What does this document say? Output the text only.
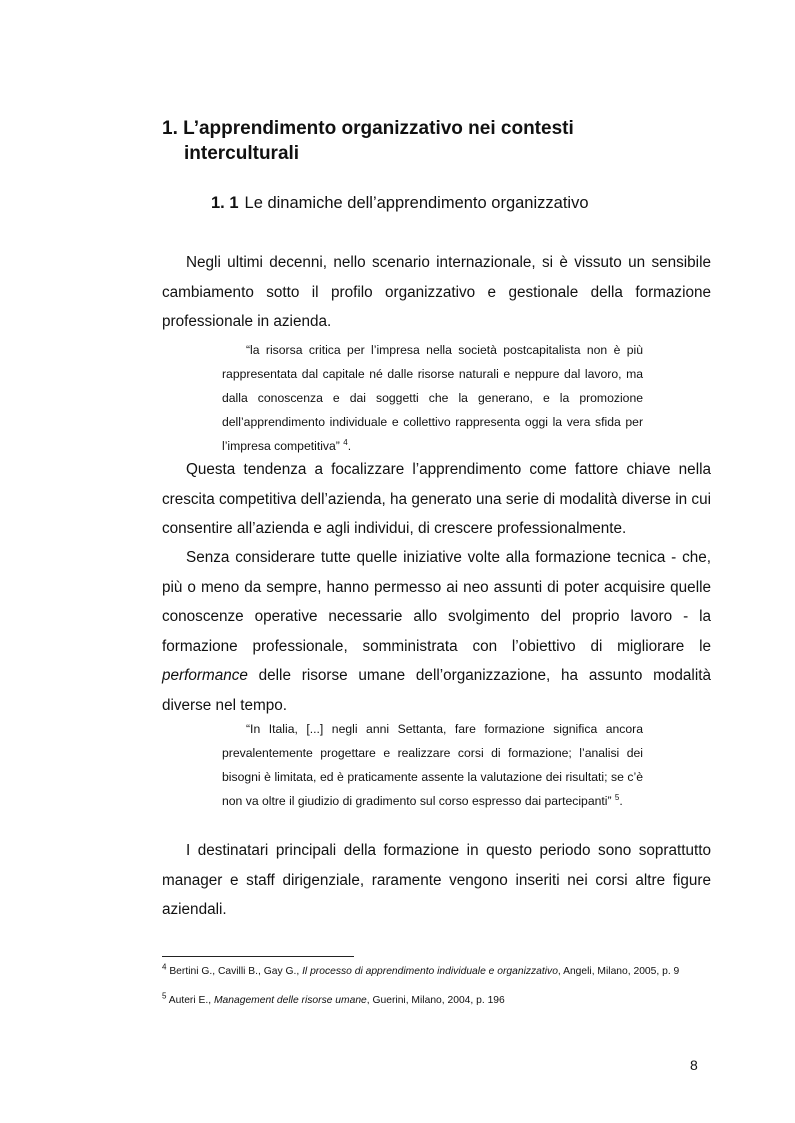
1. L’apprendimento organizzativo nei contesti
interculturali
1. 1 Le dinamiche dell’apprendimento organizzativo

Negli ultimi decenni, nello scenario internazionale, si è vissuto un sensibile cambiamento sotto il profilo organizzativo e gestionale della formazione professionale in azienda.

“la risorsa critica per l’impresa nella società postcapitalista non è più rappresentata dal capitale né dalle risorse naturali e neppure dal lavoro, ma dalla conoscenza e dai soggetti che la generano, e la promozione dell’apprendimento individuale e collettivo rappresenta oggi la vera sfida per l’impresa competitiva” $^4$.

Questa tendenza a focalizzare l’apprendimento come fattore chiave nella crescita competitiva dell’azienda, ha generato una serie di modalità diverse in cui consentire all’azienda e agli individui, di crescere professionalmente.

Senza considerare tutte quelle iniziative volte alla formazione tecnica - che, più o meno da sempre, hanno permesso ai neo assunti di poter acquisire quelle conoscenze operative necessarie allo svolgimento del proprio lavoro - la formazione professionale, somministrata con l’obiettivo di migliorare le performance delle risorse umane dell’organizzazione, ha assunto modalità diverse nel tempo.

“In Italia, [...] negli anni Settanta, fare formazione significa ancora prevalentemente progettare e realizzare corsi di formazione; l’analisi dei bisogni è limitata, ed è praticamente assente la valutazione dei risultati; se c’è non va oltre il giudizio di gradimento sul corso espresso dai partecipanti” $^5$.

I destinatari principali della formazione in questo periodo sono soprattutto manager e staff dirigenziale, raramente vengono inseriti nei corsi altre figure aziendali.

$^4$ Bertini G., Cavilli B., Gay G., Il processo di apprendimento individuale e organizzativo, Angeli, Milano, 2005, p. 9

$^5$ Auteri E., Management delle risorse umane, Guerini, Milano, 2004, p. 196

8
